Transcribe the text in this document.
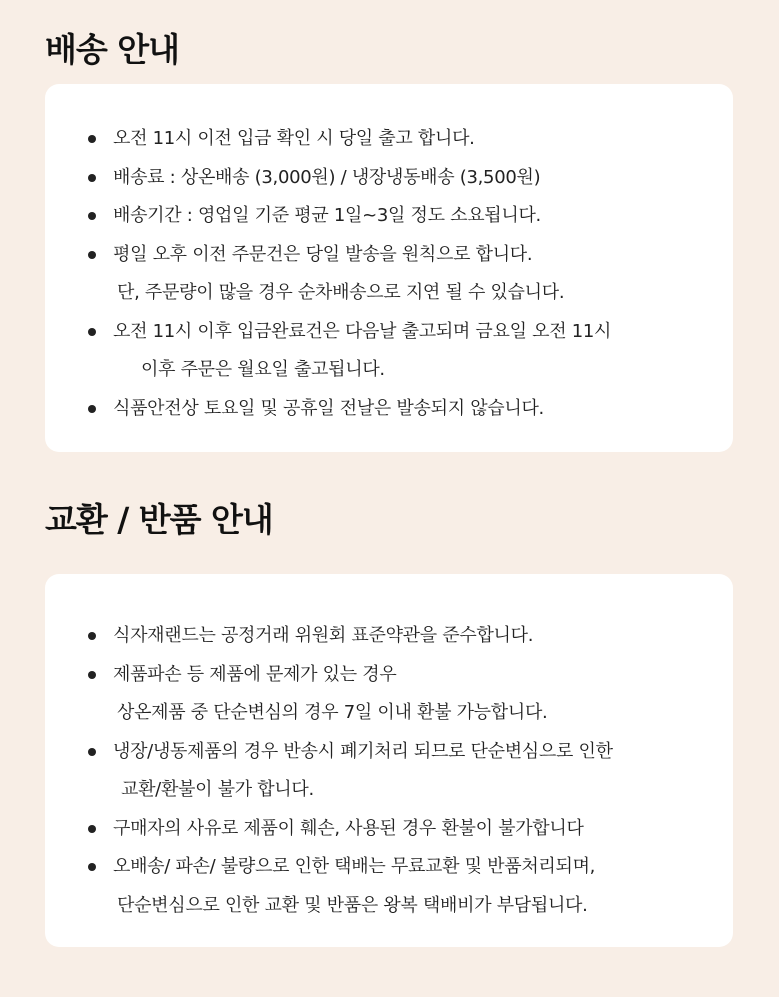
배송 안내
오전 11시 이전 입금 확인 시 당일 출고 합니다.
배송료 : 상온배송 (3,000원) / 냉장냉동배송 (3,500원)
배송기간 : 영업일 기준 평균 1일~3일 정도 소요됩니다.
평일 오후 이전 주문건은 당일 발송을 원칙으로 합니다.
단, 주문량이 많을 경우 순차배송으로 지연 될 수 있습니다.
오전 11시 이후 입금완료건은 다음날 출고되며 금요일 오전 11시
이후 주문은 월요일 출고됩니다.
식품안전상 토요일 및 공휴일 전날은 발송되지 않습니다.
교환 / 반품 안내
식자재랜드는 공정거래 위원회 표준약관을 준수합니다.
제품파손 등 제품에 문제가 있는 경우
상온제품 중 단순변심의 경우 7일 이내 환불 가능합니다.
냉장/냉동제품의 경우 반송시 폐기처리 되므로 단순변심으로 인한
교환/환불이 불가 합니다.
구매자의 사유로 제품이 훼손, 사용된 경우 환불이 불가합니다
오배송/ 파손/ 불량으로 인한 택배는 무료교환 및 반품처리되며,
단순변심으로 인한 교환 및 반품은 왕복 택배비가 부담됩니다.
